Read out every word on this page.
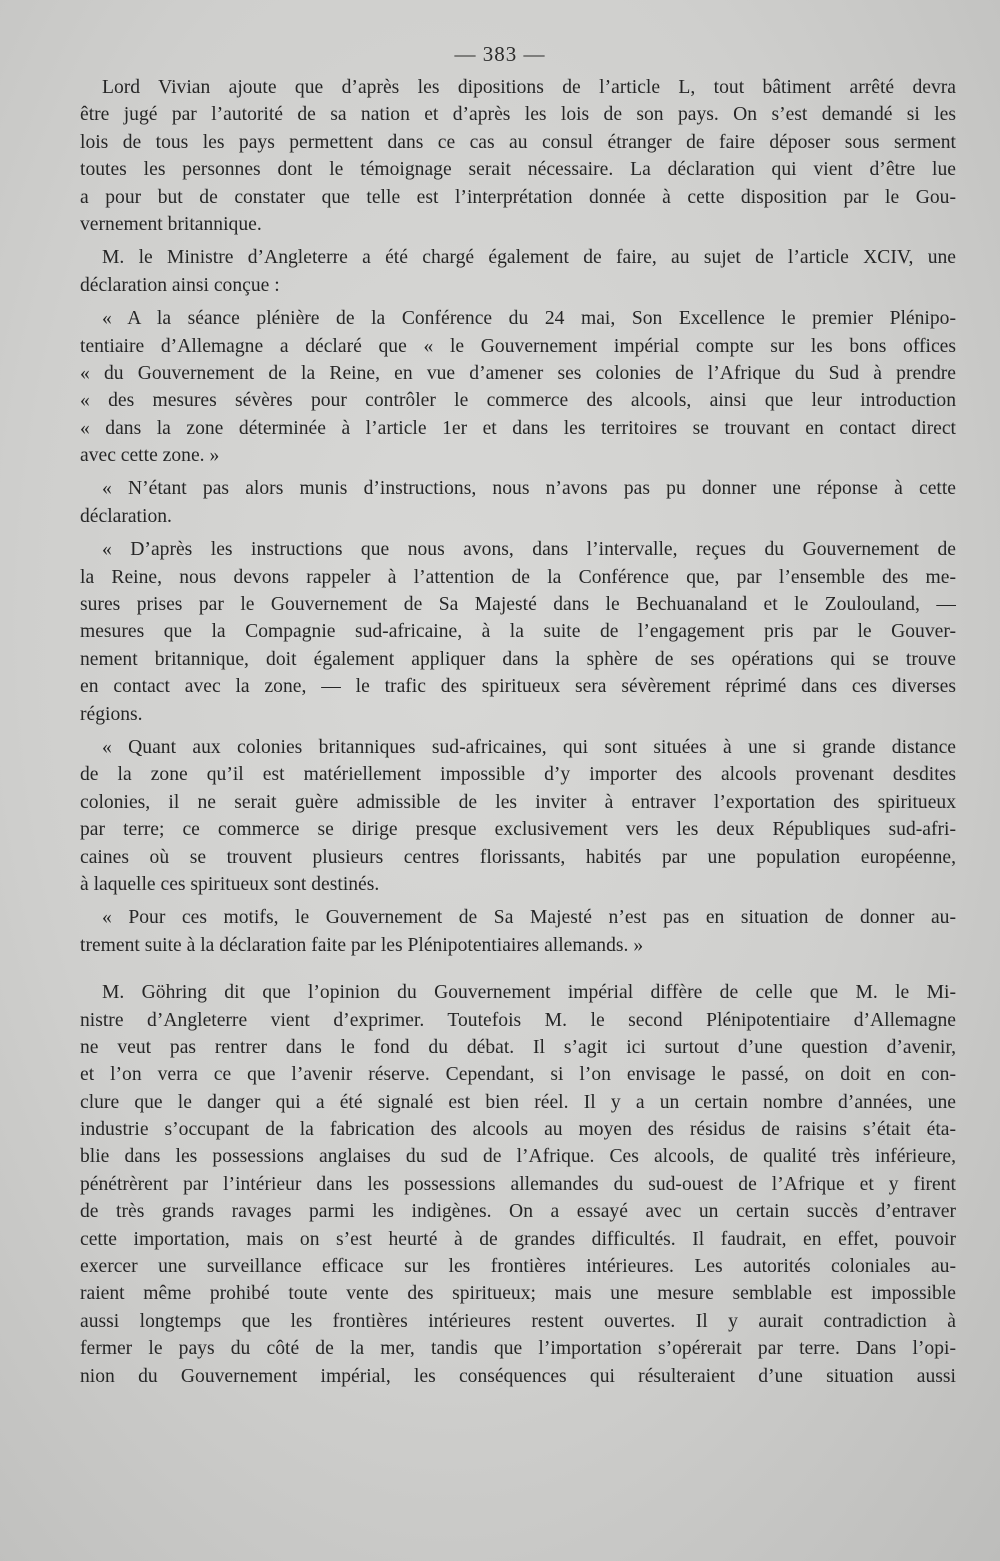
— 383 —
Lord Vivian ajoute que d’après les dipositions de l’article L, tout bâtiment arrêté devra
être jugé par l’autorité de sa nation et d’après les lois de son pays. On s’est demandé si les
lois de tous les pays permettent dans ce cas au consul étranger de faire déposer sous serment
toutes les personnes dont le témoignage serait nécessaire. La déclaration qui vient d’être lue
a pour but de constater que telle est l’interprétation donnée à cette disposition par le Gou-
vernement britannique.
M. le Ministre d’Angleterre a été chargé également de faire, au sujet de l’article XCIV, une
déclaration ainsi conçue :
« A la séance plénière de la Conférence du 24 mai, Son Excellence le premier Plénipo-
tentiaire d’Allemagne a déclaré que « le Gouvernement impérial compte sur les bons offices
« du Gouvernement de la Reine, en vue d’amener ses colonies de l’Afrique du Sud à prendre
« des mesures sévères pour contrôler le commerce des alcools, ainsi que leur introduction
« dans la zone déterminée à l’article 1er et dans les territoires se trouvant en contact direct
avec cette zone. »
« N’étant pas alors munis d’instructions, nous n’avons pas pu donner une réponse à cette
déclaration.
« D’après les instructions que nous avons, dans l’intervalle, reçues du Gouvernement de
la Reine, nous devons rappeler à l’attention de la Conférence que, par l’ensemble des me-
sures prises par le Gouvernement de Sa Majesté dans le Bechuanaland et le Zoulouland, —
mesures que la Compagnie sud-africaine, à la suite de l’engagement pris par le Gouver-
nement britannique, doit également appliquer dans la sphère de ses opérations qui se trouve
en contact avec la zone, — le trafic des spiritueux sera sévèrement réprimé dans ces diverses
régions.
« Quant aux colonies britanniques sud-africaines, qui sont situées à une si grande distance
de la zone qu’il est matériellement impossible d’y importer des alcools provenant desdites
colonies, il ne serait guère admissible de les inviter à entraver l’exportation des spiritueux
par terre; ce commerce se dirige presque exclusivement vers les deux Républiques sud-afri-
caines où se trouvent plusieurs centres florissants, habités par une population européenne,
à laquelle ces spiritueux sont destinés.
« Pour ces motifs, le Gouvernement de Sa Majesté n’est pas en situation de donner au-
trement suite à la déclaration faite par les Plénipotentiaires allemands. »
M. Göhring dit que l’opinion du Gouvernement impérial diffère de celle que M. le Mi-
nistre d’Angleterre vient d’exprimer. Toutefois M. le second Plénipotentiaire d’Allemagne
ne veut pas rentrer dans le fond du débat. Il s’agit ici surtout d’une question d’avenir,
et l’on verra ce que l’avenir réserve. Cependant, si l’on envisage le passé, on doit en con-
clure que le danger qui a été signalé est bien réel. Il y a un certain nombre d’années, une
industrie s’occupant de la fabrication des alcools au moyen des résidus de raisins s’était éta-
blie dans les possessions anglaises du sud de l’Afrique. Ces alcools, de qualité très inférieure,
pénétrèrent par l’intérieur dans les possessions allemandes du sud-ouest de l’Afrique et y firent
de très grands ravages parmi les indigènes. On a essayé avec un certain succès d’entraver
cette importation, mais on s’est heurté à de grandes difficultés. Il faudrait, en effet, pouvoir
exercer une surveillance efficace sur les frontières intérieures. Les autorités coloniales au-
raient même prohibé toute vente des spiritueux; mais une mesure semblable est impossible
aussi longtemps que les frontières intérieures restent ouvertes. Il y aurait contradiction à
fermer le pays du côté de la mer, tandis que l’importation s’opérerait par terre. Dans l’opi-
nion du Gouvernement impérial, les conséquences qui résulteraient d’une situation aussi
